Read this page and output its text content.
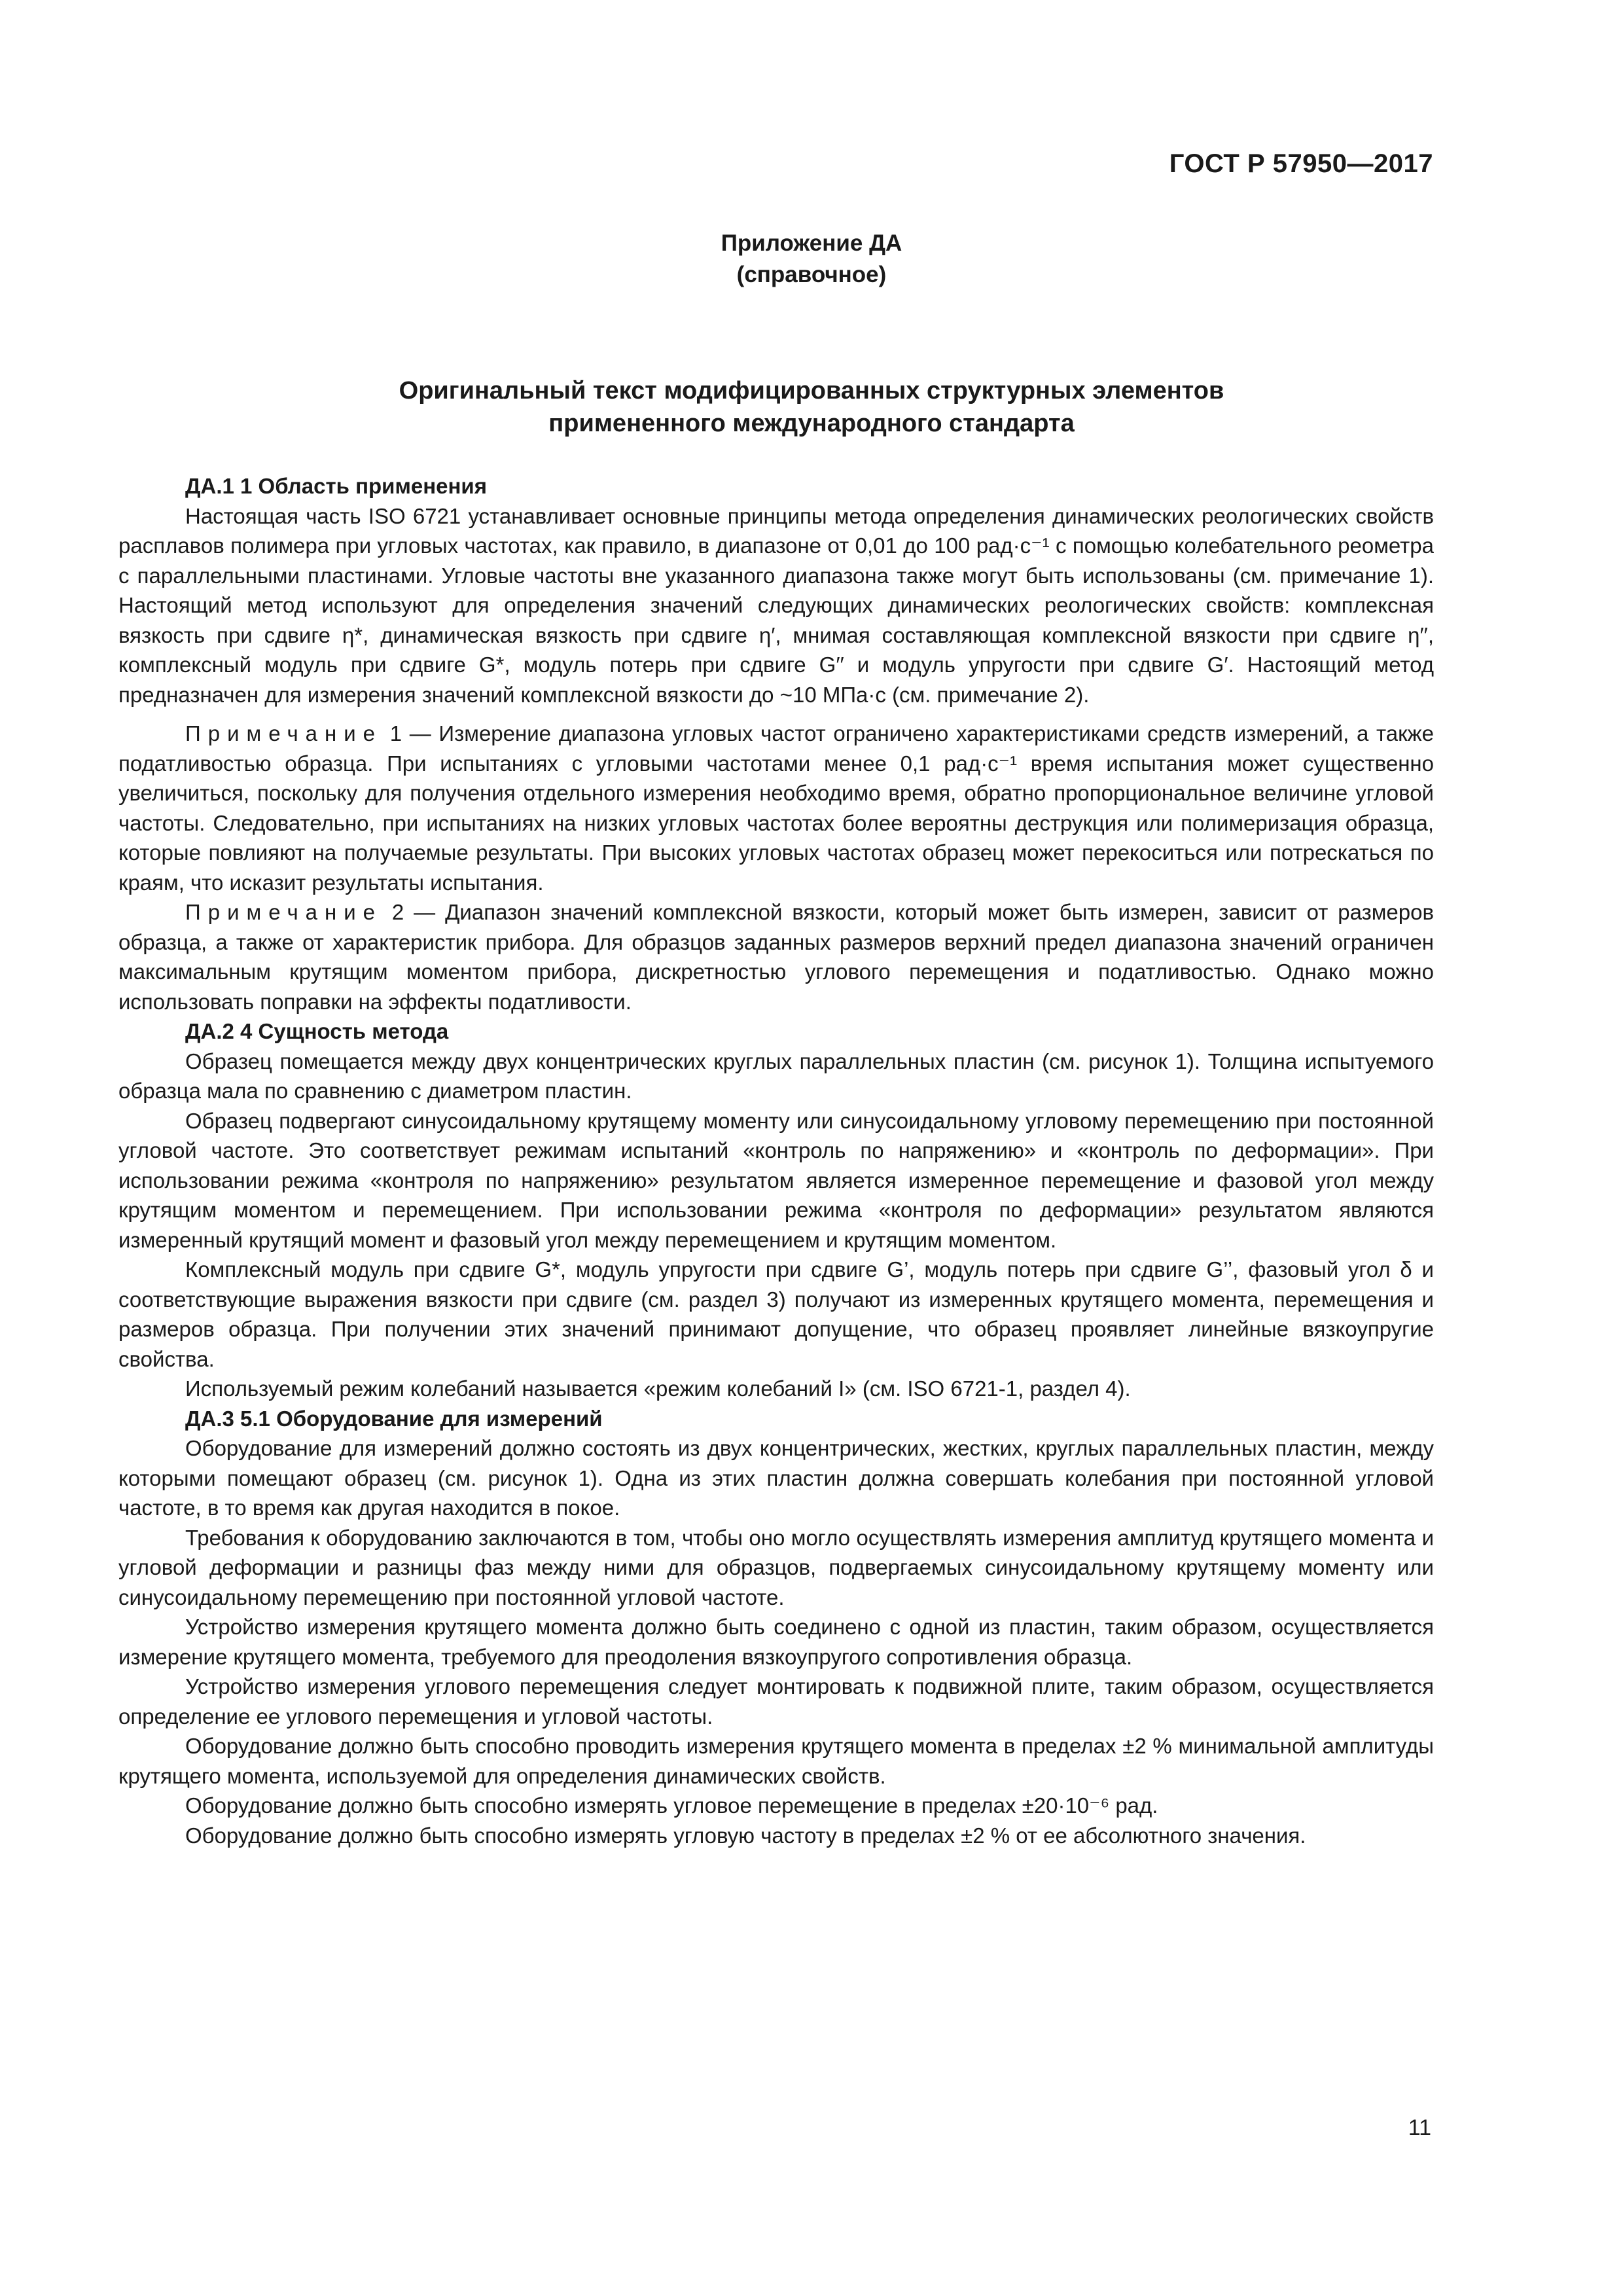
ГОСТ Р 57950—2017
Приложение ДА
(справочное)
Оригинальный текст модифицированных структурных элементов
примененного международного стандарта

ДА.1 1 Область применения

Настоящая часть ISO 6721 устанавливает основные принципы метода определения динамических реологических свойств расплавов полимера при угловых частотах, как правило, в диапазоне от 0,01 до 100 рад·с⁻¹ с помощью колебательного реометра с параллельными пластинами. Угловые частоты вне указанного диапазона также могут быть использованы (см. примечание 1). Настоящий метод используют для определения значений следующих динамических реологических свойств: комплексная вязкость при сдвиге η*, динамическая вязкость при сдвиге η′, мнимая составляющая комплексной вязкости при сдвиге η′′, комплексный модуль при сдвиге G*, модуль потерь при сдвиге G′′ и модуль упругости при сдвиге G′. Настоящий метод предназначен для измерения значений комплексной вязкости до ~10 МПа·с (см. примечание 2).

Примечание 1 — Измерение диапазона угловых частот ограничено характеристиками средств измерений, а также податливостью образца. При испытаниях с угловыми частотами менее 0,1 рад·с⁻¹ время испытания может существенно увеличиться, поскольку для получения отдельного измерения необходимо время, обратно пропорциональное величине угловой частоты. Следовательно, при испытаниях на низких угловых частотах более вероятны деструкция или полимеризация образца, которые повлияют на получаемые результаты. При высоких угловых частотах образец может перекоситься или потрескаться по краям, что исказит результаты испытания.

Примечание 2 — Диапазон значений комплексной вязкости, который может быть измерен, зависит от размеров образца, а также от характеристик прибора. Для образцов заданных размеров верхний предел диапазона значений ограничен максимальным крутящим моментом прибора, дискретностью углового перемещения и податливостью. Однако можно использовать поправки на эффекты податливости.

ДА.2 4 Сущность метода

Образец помещается между двух концентрических круглых параллельных пластин (см. рисунок 1). Толщина испытуемого образца мала по сравнению с диаметром пластин.

Образец подвергают синусоидальному крутящему моменту или синусоидальному угловому перемещению при постоянной угловой частоте. Это соответствует режимам испытаний «контроль по напряжению» и «контроль по деформации». При использовании режима «контроля по напряжению» результатом является измеренное перемещение и фазовой угол между крутящим моментом и перемещением. При использовании режима «контроля по деформации» результатом являются измеренный крутящий момент и фазовый угол между перемещением и крутящим моментом.

Комплексный модуль при сдвиге G*, модуль упругости при сдвиге G’, модуль потерь при сдвиге G’’, фазовый угол δ и соответствующие выражения вязкости при сдвиге (см. раздел 3) получают из измеренных крутящего момента, перемещения и размеров образца. При получении этих значений принимают допущение, что образец проявляет линейные вязкоупругие свойства.

Используемый режим колебаний называется «режим колебаний I» (см. ISO 6721-1, раздел 4).

ДА.3 5.1 Оборудование для измерений

Оборудование для измерений должно состоять из двух концентрических, жестких, круглых параллельных пластин, между которыми помещают образец (см. рисунок 1). Одна из этих пластин должна совершать колебания при постоянной угловой частоте, в то время как другая находится в покое.

Требования к оборудованию заключаются в том, чтобы оно могло осуществлять измерения амплитуд крутящего момента и угловой деформации и разницы фаз между ними для образцов, подвергаемых синусоидальному крутящему моменту или синусоидальному перемещению при постоянной угловой частоте.

Устройство измерения крутящего момента должно быть соединено с одной из пластин, таким образом, осуществляется измерение крутящего момента, требуемого для преодоления вязкоупругого сопротивления образца.

Устройство измерения углового перемещения следует монтировать к подвижной плите, таким образом, осуществляется определение ее углового перемещения и угловой частоты.

Оборудование должно быть способно проводить измерения крутящего момента в пределах ±2 % минимальной амплитуды крутящего момента, используемой для определения динамических свойств.

Оборудование должно быть способно измерять угловое перемещение в пределах ±20·10⁻⁶ рад.

Оборудование должно быть способно измерять угловую частоту в пределах ±2 % от ее абсолютного значения.

11
